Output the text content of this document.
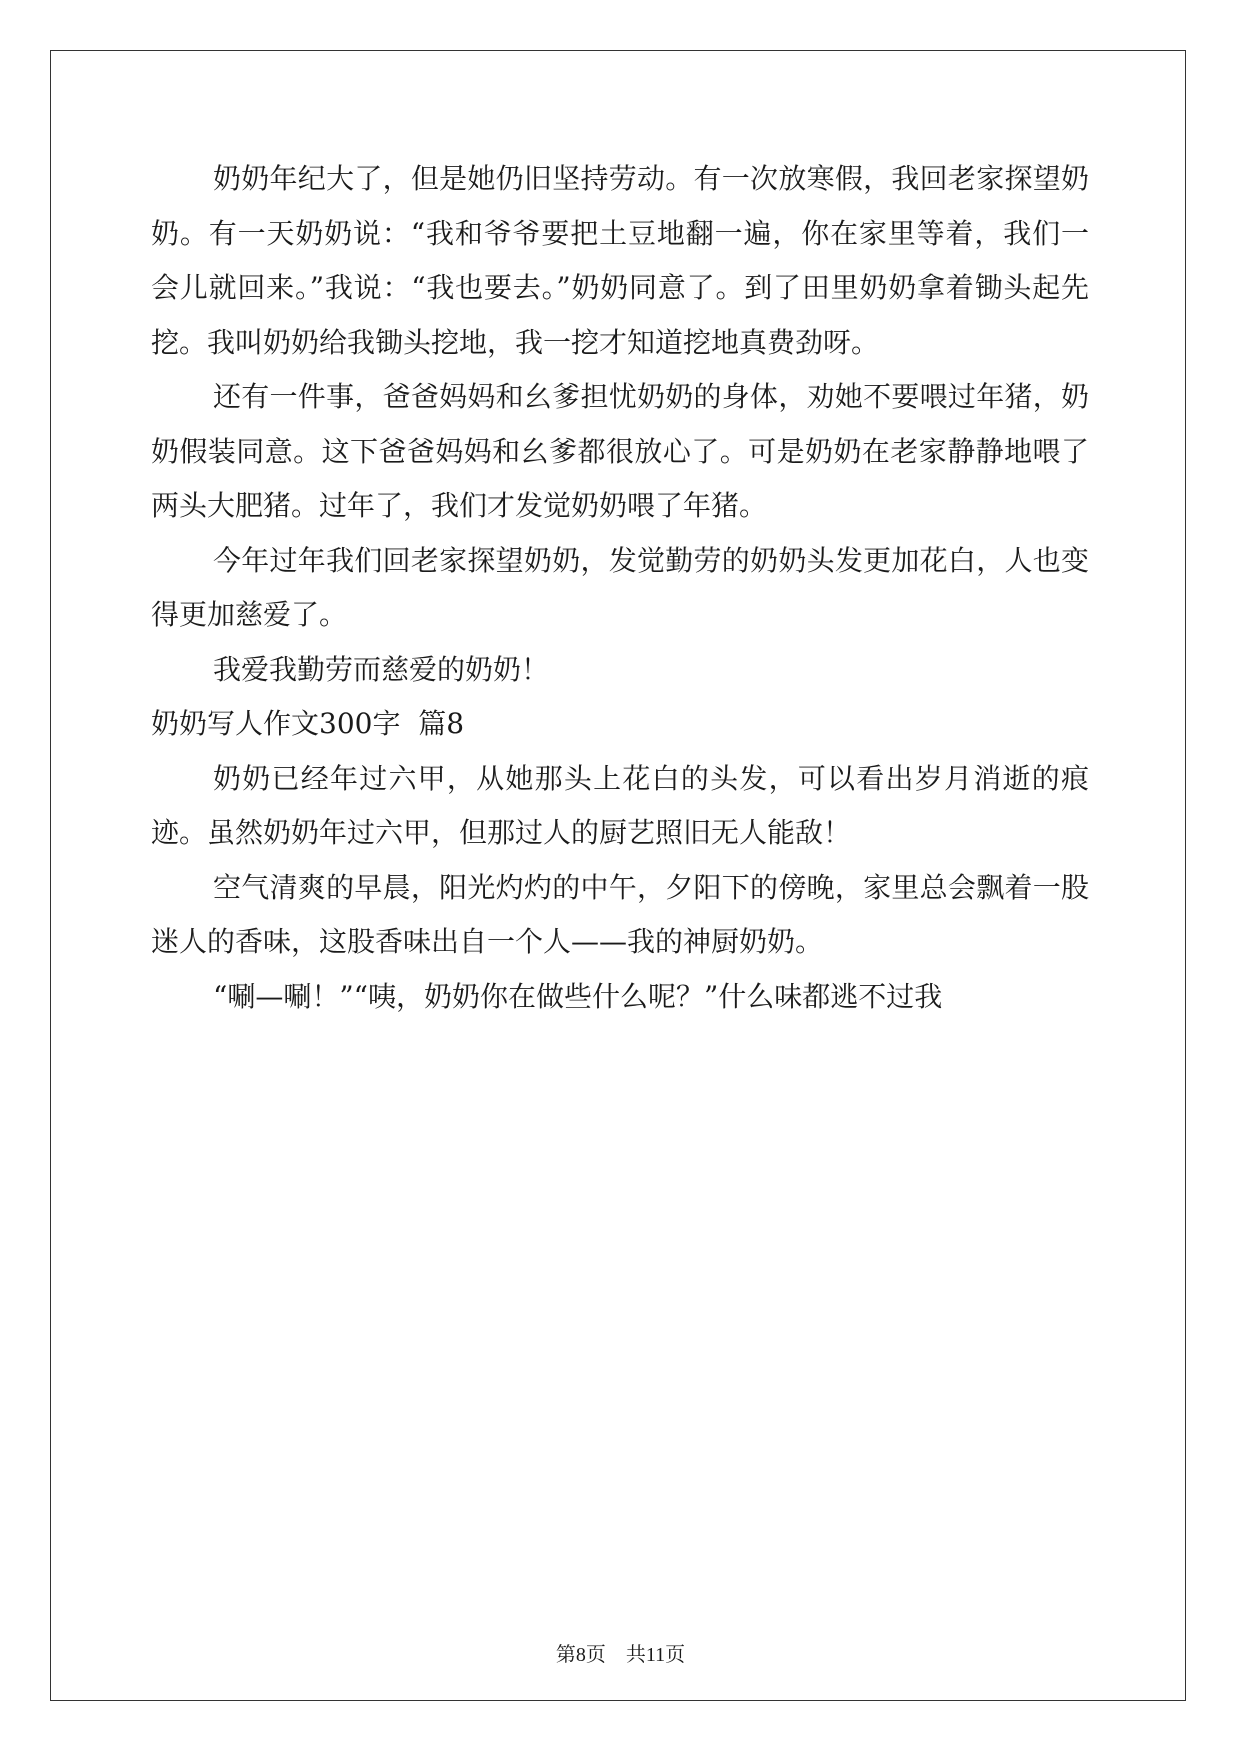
奶奶年纪大了，但是她仍旧坚持劳动。有一次放寒假，我回老家探望奶奶。有一天奶奶说：“我和爷爷要把土豆地翻一遍，你在家里等着，我们一会儿就回来。”我说：“我也要去。”奶奶同意了。到了田里奶奶拿着锄头起先挖。我叫奶奶给我锄头挖地，我一挖才知道挖地真费劲呀。

还有一件事，爸爸妈妈和幺爹担忧奶奶的身体，劝她不要喂过年猪，奶奶假装同意。这下爸爸妈妈和幺爹都很放心了。可是奶奶在老家静静地喂了两头大肥猪。过年了，我们才发觉奶奶喂了年猪。

今年过年我们回老家探望奶奶，发觉勤劳的奶奶头发更加花白，人也变得更加慈爱了。

我爱我勤劳而慈爱的奶奶！

奶奶写人作文300字  篇8

奶奶已经年过六甲，从她那头上花白的头发，可以看出岁月消逝的痕迹。虽然奶奶年过六甲，但那过人的厨艺照旧无人能敌！

空气清爽的早晨，阳光灼灼的中午，夕阳下的傍晚，家里总会飘着一股迷人的香味，这股香味出自一个人——我的神厨奶奶。

“唰—唰！”“咦，奶奶你在做些什么呢？”什么味都逃不过我

第8页    共11页
